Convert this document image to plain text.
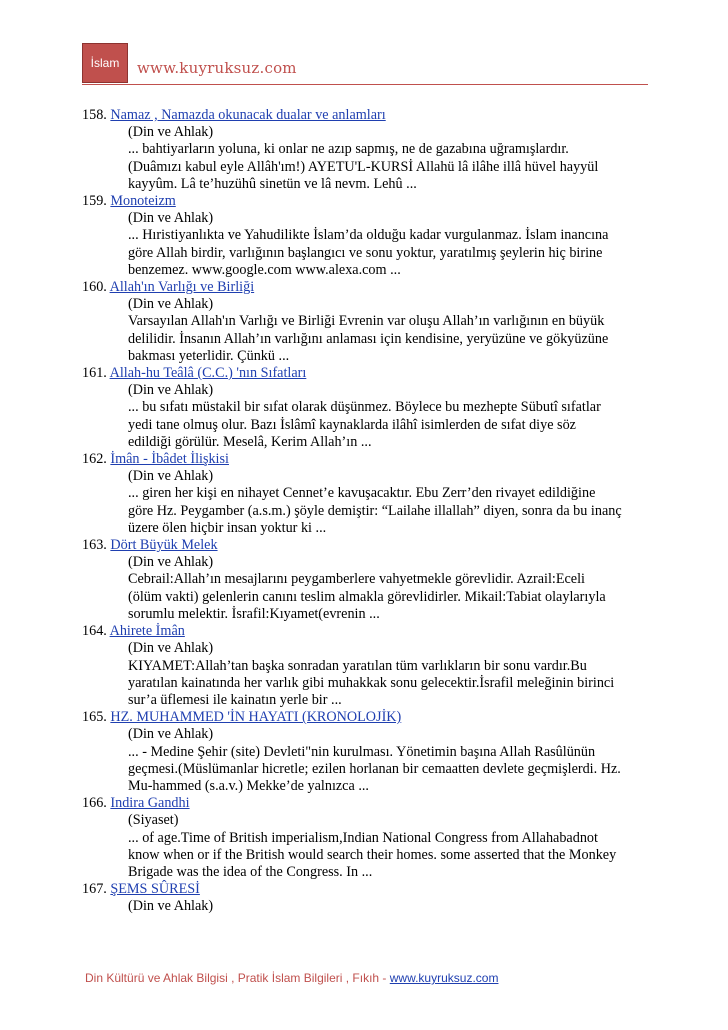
İslam www.kuyruksuz.com
158. Namaz , Namazda okunacak dualar ve anlamları
(Din ve Ahlak)
... bahtiyarların yoluna, ki onlar ne azıp sapmış, ne de gazabına uğramışlardır.
(Duâmızı kabul eyle Allâh'ım!) AYETU'L-KURSİ Allahü lâ ilâhe illâ hüvel hayyül
kayyûm. Lâ te’huzühû sinetün ve lâ nevm. Lehû ...
159. Monoteizm
(Din ve Ahlak)
... Hıristiyanlıkta ve Yahudilikte İslam’da olduğu kadar vurgulanmaz. İslam inancına
göre Allah birdir, varlığının başlangıcı ve sonu yoktur, yaratılmış şeylerin hiç birine
benzemez. www.google.com www.alexa.com ...
160. Allah'ın Varlığı ve Birliği
(Din ve Ahlak)
Varsayılan Allah'ın Varlığı ve Birliği Evrenin var oluşu Allah’ın varlığının en büyük
delilidir. İnsanın Allah’ın varlığını anlaması için kendisine, yeryüzüne ve gökyüzüne
bakması yeterlidir. Çünkü ...
161. Allah-hu Teâlâ (C.C.) 'nın Sıfatları
(Din ve Ahlak)
... bu sıfatı müstakil bir sıfat olarak düşünmez. Böylece bu mezhepte Sübutî sıfatlar
yedi tane olmuş olur. Bazı İslâmî kaynaklarda ilâhî isimlerden de sıfat diye söz
edildiği görülür. Meselâ, Kerim Allah’ın ...
162. İmân - İbâdet İlişkisi
(Din ve Ahlak)
... giren her kişi en nihayet Cennet’e kavuşacaktır. Ebu Zerr’den rivayet edildiğine
göre Hz. Peygamber (a.s.m.) şöyle demiştir: “Lailahe illallah” diyen, sonra da bu inanç
üzere ölen hiçbir insan yoktur ki ...
163. Dört Büyük Melek
(Din ve Ahlak)
Cebrail:Allah’ın mesajlarını peygamberlere vahyetmekle görevlidir. Azrail:Eceli
(ölüm vakti) gelenlerin canını teslim almakla görevlidirler. Mikail:Tabiat olaylarıyla
sorumlu melektir. İsrafil:Kıyamet(evrenin ...
164. Ahirete İmân
(Din ve Ahlak)
KIYAMET:Allah’tan başka sonradan yaratılan tüm varlıkların bir sonu vardır.Bu
yaratılan kainatında her varlık gibi muhakkak sonu gelecektir.İsrafil meleğinin birinci
sur’a üflemesi ile kainatın yerle bir ...
165. HZ. MUHAMMED 'İN HAYATI (KRONOLOJİK)
(Din ve Ahlak)
... - Medine Şehir (site) Devleti"nin kurulması. Yönetimin başına Allah Rasûlünün
geçmesi.(Müslümanlar hicretle; ezilen horlanan bir cemaatten devlete geçmişlerdi. Hz.
Mu-hammed (s.a.v.) Mekke’de yalnızca ...
166. Indira Gandhi
(Siyaset)
... of age.Time of British imperialism,Indian National Congress from Allahabadnot
know when or if the British would search their homes. some asserted that the Monkey
Brigade was the idea of the Congress. In ...
167. ŞEMS SÛRESİ
(Din ve Ahlak)
Din Kültürü ve Ahlak Bilgisi , Pratik İslam Bilgileri , Fıkıh - www.kuyruksuz.com
